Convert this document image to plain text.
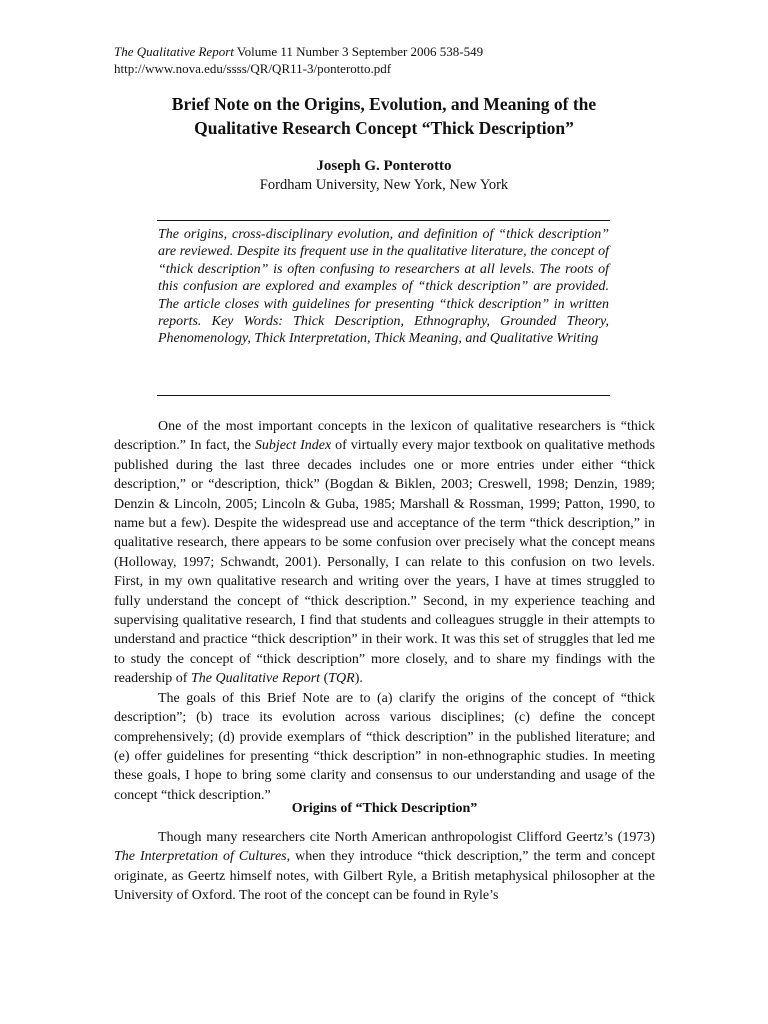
The Qualitative Report Volume 11 Number 3 September 2006 538-549
http://www.nova.edu/ssss/QR/QR11-3/ponterotto.pdf
Brief Note on the Origins, Evolution, and Meaning of the
Qualitative Research Concept “Thick Description”
Joseph G. Ponterotto
Fordham University, New York, New York
The origins, cross-disciplinary evolution, and definition of “thick description” are reviewed. Despite its frequent use in the qualitative literature, the concept of “thick description” is often confusing to researchers at all levels. The roots of this confusion are explored and examples of “thick description” are provided. The article closes with guidelines for presenting “thick description” in written reports. Key Words: Thick Description, Ethnography, Grounded Theory, Phenomenology, Thick Interpretation, Thick Meaning, and Qualitative Writing

One of the most important concepts in the lexicon of qualitative researchers is “thick description.” In fact, the Subject Index of virtually every major textbook on qualitative methods published during the last three decades includes one or more entries under either “thick description,” or “description, thick” (Bogdan & Biklen, 2003; Creswell, 1998; Denzin, 1989; Denzin & Lincoln, 2005; Lincoln & Guba, 1985; Marshall & Rossman, 1999; Patton, 1990, to name but a few). Despite the widespread use and acceptance of the term “thick description,” in qualitative research, there appears to be some confusion over precisely what the concept means (Holloway, 1997; Schwandt, 2001). Personally, I can relate to this confusion on two levels. First, in my own qualitative research and writing over the years, I have at times struggled to fully understand the concept of “thick description.” Second, in my experience teaching and supervising qualitative research, I find that students and colleagues struggle in their attempts to understand and practice “thick description” in their work. It was this set of struggles that led me to study the concept of “thick description” more closely, and to share my findings with the readership of The Qualitative Report (TQR).

The goals of this Brief Note are to (a) clarify the origins of the concept of “thick description”; (b) trace its evolution across various disciplines; (c) define the concept comprehensively; (d) provide exemplars of “thick description” in the published literature; and (e) offer guidelines for presenting “thick description” in non-ethnographic studies. In meeting these goals, I hope to bring some clarity and consensus to our understanding and usage of the concept “thick description.”

Origins of “Thick Description”

Though many researchers cite North American anthropologist Clifford Geertz’s (1973) The Interpretation of Cultures, when they introduce “thick description,” the term and concept originate, as Geertz himself notes, with Gilbert Ryle, a British metaphysical philosopher at the University of Oxford. The root of the concept can be found in Ryle’s
